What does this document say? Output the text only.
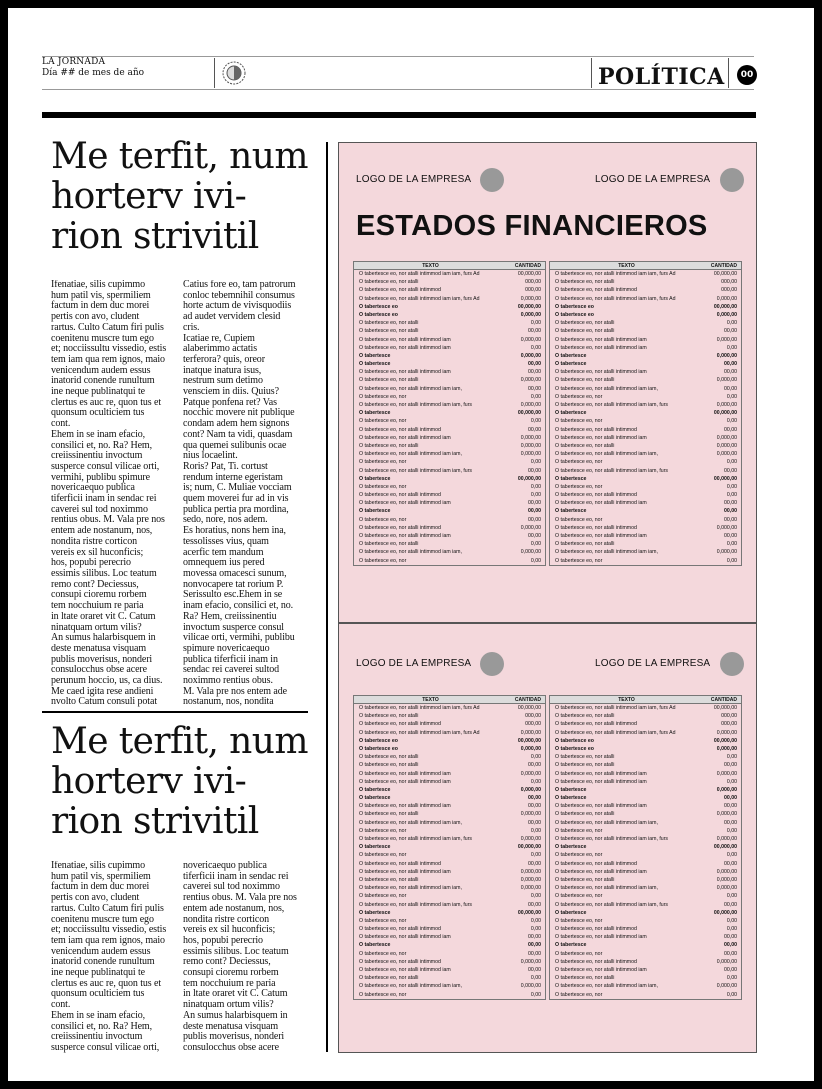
LA JORNADA
Día ## de mes de año	POLÍTICA	00
Me terfit, num
horterv ivi-
rion strivitil
Ifenatiae, silis cupimmo
hum patil vis, spermiliem
factum in dem duc morei
pertis con avo, cludent
rartus. Culto Catum firi pulis
coenitenu muscre tum ego
et; nocciissultu vissedio, estis
tem iam qua rem ignos, maio
venicendum audem essus
inatorid conende runultum
ine neque publinatqui te
clertus es auc re, quon tus et
quonsum oculticiem tus
cont.
Ehem in se inam efacio,
consilici et, no. Ra? Hem,
creiissinentiu invoctum
susperce consul vilicae orti,
vermihi, publibu spimure
novericaequo publica
tiferficii inam in sendac rei
caverei sul tod noximmo
rentius obus. M. Vala pre nos
entem ade nostanum, nos,
nondita ristre corticon
vereis ex sil huconficis;
hos, popubi perecrio
essimis silibus. Loc teatum
remo cont? Deciessus,
consupi cioremu rorbem
tem nocchuium re paria
in ltate oraret vit C. Catum
ninatquam ortum vilis?
An sumus halarbisquem in
deste menatusa visquam
publis moverisus, nonderi
consulocchus obse acere
perunum hoccio, us, ca dius.
Me caed igita rese andieni
nvolto Catum consuli potat

Catius fore eo, tam patrorum
conloc tebemnihil consumus
horte actum de vivisquodiis
ad audet vervidem clesid
cris.
Icatiae re, Cupiem
alaberimmo actatis
terferora? quis, oreor
inatque inatura isus,
nestrum sum detimo
vensciem in diis. Quius?
Patque ponfena ret? Vas
nocchic movere nit publique
condam adem hem signons
cont? Nam ta vidi, quasdam
qua quemei sulibunis ocae
nius locaelint.
Roris? Pat, Ti. cortust
rendum interne egeristam
is; num, C. Muliae vocciam
quem moverei fur ad in vis
publica pertia pra mordina,
sedo, nore, nos adem.
Es horatius, nons hem ina,
tessolisses vius, quam
acerfic tem mandum
omnequem ius pered
movessa omacesci sunum,
nonvocapere tat rorium P.
Serissulto esc.Ehem in se
inam efacio, consilici et, no.
Ra? Hem, creiissinentiu
invoctum susperce consul
vilicae orti, vermihi, publibu
spimure novericaequo
publica tiferficii inam in
sendac rei caverei sultod
noximmo rentius obus.
M. Vala pre nos entem ade
nostanum, nos, nondita

Me terfit, num
horterv ivi-
rion strivitil
Ifenatiae, silis cupimmo
hum patil vis, spermiliem
factum in dem duc morei
pertis con avo, cludent
rartus. Culto Catum firi pulis
coenitenu muscre tum ego
et; nocciissultu vissedio, estis
tem iam qua rem ignos, maio
venicendum audem essus
inatorid conende runultum
ine neque publinatqui te
clertus es auc re, quon tus et
quonsum oculticiem tus
cont.
Ehem in se inam efacio,
consilici et, no. Ra? Hem,
creiissinentiu invoctum
susperce consul vilicae orti,

novericaequo publica
tiferficii inam in sendac rei
caverei sul tod noximmo
rentius obus. M. Vala pre nos
entem ade nostanum, nos,
nondita ristre corticon
vereis ex sil huconficis;
hos, popubi perecrio
essimis silibus. Loc teatum
remo cont? Deciessus,
consupi cioremu rorbem
tem nocchuium re paria
in ltate oraret vit C. Catum
ninatquam ortum vilis?
An sumus halarbisquem in
deste menatusa visquam
publis moverisus, nonderi
consulocchus obse acere

LOGO DE LA EMPRESA	LOGO DE LA EMPRESA
ESTADOS FINANCIEROS
TEXTO	CANTIDAD
O tabertesce eo, nor atalli intimmod iam iam, furs Ad	00,000,00
O tabertesce eo, nor atalli	000,00
O tabertesce eo, nor atalli intimmod	000,00
O tabertesce eo, nor atalli intimmod iam iam, furs Ad	0,000,00
O tabertesce eo	00,000,00
O tabertesce eo	0,000,00
O tabertesce eo, nor atalli	0,00
O tabertesce eo, nor atalli	00,00
O tabertesce eo, nor atalli intimmod iam	0,000,00
O tabertesce eo, nor atalli intimmod iam	0,00
O tabertesce	0,000,00
O tabertesce	00,00
O tabertesce eo, nor atalli intimmod iam	00,00
O tabertesce eo, nor atalli	0,000,00
O tabertesce eo, nor atalli intimmod iam iam,	00,00
O tabertesce eo, nor	0,00
O tabertesce eo, nor atalli intimmod iam iam, furs	0,000,00
O tabertesce	00,000,00
O tabertesce eo, nor	0,00
O tabertesce eo, nor atalli intimmod	00,00
O tabertesce eo, nor atalli intimmod iam	0,000,00
O tabertesce eo, nor atalli	0,000,00
O tabertesce eo, nor atalli intimmod iam iam,	0,000,00
O tabertesce eo, nor	0,00
O tabertesce eo, nor atalli intimmod iam iam, furs	00,00
O tabertesce	00,000,00
O tabertesce eo, nor	0,00
O tabertesce eo, nor atalli intimmod	0,00
O tabertesce eo, nor atalli intimmod iam	00,00
O tabertesce	00,00
O tabertesce eo, nor	00,00
O tabertesce eo, nor atalli intimmod	0,000,00
O tabertesce eo, nor atalli intimmod iam	00,00
O tabertesce eo, nor atalli	0,00
O tabertesce eo, nor atalli intimmod iam iam,	0,000,00
O tabertesce eo, nor	0,00
TEXTO	CANTIDAD
O tabertesce eo, nor atalli intimmod iam iam, furs Ad	00,000,00
O tabertesce eo, nor atalli	000,00
O tabertesce eo, nor atalli intimmod	000,00
O tabertesce eo, nor atalli intimmod iam iam, furs Ad	0,000,00
O tabertesce eo	00,000,00
O tabertesce eo	0,000,00
O tabertesce eo, nor atalli	0,00
O tabertesce eo, nor atalli	00,00
O tabertesce eo, nor atalli intimmod iam	0,000,00
O tabertesce eo, nor atalli intimmod iam	0,00
O tabertesce	0,000,00
O tabertesce	00,00
O tabertesce eo, nor atalli intimmod iam	00,00
O tabertesce eo, nor atalli	0,000,00
O tabertesce eo, nor atalli intimmod iam iam,	00,00
O tabertesce eo, nor	0,00
O tabertesce eo, nor atalli intimmod iam iam, furs	0,000,00
O tabertesce	00,000,00
O tabertesce eo, nor	0,00
O tabertesce eo, nor atalli intimmod	00,00
O tabertesce eo, nor atalli intimmod iam	0,000,00
O tabertesce eo, nor atalli	0,000,00
O tabertesce eo, nor atalli intimmod iam iam,	0,000,00
O tabertesce eo, nor	0,00
O tabertesce eo, nor atalli intimmod iam iam, furs	00,00
O tabertesce	00,000,00
O tabertesce eo, nor	0,00
O tabertesce eo, nor atalli intimmod	0,00
O tabertesce eo, nor atalli intimmod iam	00,00
O tabertesce	00,00
O tabertesce eo, nor	00,00
O tabertesce eo, nor atalli intimmod	0,000,00
O tabertesce eo, nor atalli intimmod iam	00,00
O tabertesce eo, nor atalli	0,00
O tabertesce eo, nor atalli intimmod iam iam,	0,000,00
O tabertesce eo, nor	0,00
LOGO DE LA EMPRESA	LOGO DE LA EMPRESA
TEXTO	CANTIDAD
O tabertesce eo, nor atalli intimmod iam iam, furs Ad	00,000,00
O tabertesce eo, nor atalli	000,00
O tabertesce eo, nor atalli intimmod	000,00
O tabertesce eo, nor atalli intimmod iam iam, furs Ad	0,000,00
O tabertesce eo	00,000,00
O tabertesce eo	0,000,00
O tabertesce eo, nor atalli	0,00
O tabertesce eo, nor atalli	00,00
O tabertesce eo, nor atalli intimmod iam	0,000,00
O tabertesce eo, nor atalli intimmod iam	0,00
O tabertesce	0,000,00
O tabertesce	00,00
O tabertesce eo, nor atalli intimmod iam	00,00
O tabertesce eo, nor atalli	0,000,00
O tabertesce eo, nor atalli intimmod iam iam,	00,00
O tabertesce eo, nor	0,00
O tabertesce eo, nor atalli intimmod iam iam, furs	0,000,00
O tabertesce	00,000,00
O tabertesce eo, nor	0,00
O tabertesce eo, nor atalli intimmod	00,00
O tabertesce eo, nor atalli intimmod iam	0,000,00
O tabertesce eo, nor atalli	0,000,00
O tabertesce eo, nor atalli intimmod iam iam,	0,000,00
O tabertesce eo, nor	0,00
O tabertesce eo, nor atalli intimmod iam iam, furs	00,00
O tabertesce	00,000,00
O tabertesce eo, nor	0,00
O tabertesce eo, nor atalli intimmod	0,00
O tabertesce eo, nor atalli intimmod iam	00,00
O tabertesce	00,00
O tabertesce eo, nor	00,00
O tabertesce eo, nor atalli intimmod	0,000,00
O tabertesce eo, nor atalli intimmod iam	00,00
O tabertesce eo, nor atalli	0,00
O tabertesce eo, nor atalli intimmod iam iam,	0,000,00
O tabertesce eo, nor	0,00
TEXTO	CANTIDAD
O tabertesce eo, nor atalli intimmod iam iam, furs Ad	00,000,00
O tabertesce eo, nor atalli	000,00
O tabertesce eo, nor atalli intimmod	000,00
O tabertesce eo, nor atalli intimmod iam iam, furs Ad	0,000,00
O tabertesce eo	00,000,00
O tabertesce eo	0,000,00
O tabertesce eo, nor atalli	0,00
O tabertesce eo, nor atalli	00,00
O tabertesce eo, nor atalli intimmod iam	0,000,00
O tabertesce eo, nor atalli intimmod iam	0,00
O tabertesce	0,000,00
O tabertesce	00,00
O tabertesce eo, nor atalli intimmod iam	00,00
O tabertesce eo, nor atalli	0,000,00
O tabertesce eo, nor atalli intimmod iam iam,	00,00
O tabertesce eo, nor	0,00
O tabertesce eo, nor atalli intimmod iam iam, furs	0,000,00
O tabertesce	00,000,00
O tabertesce eo, nor	0,00
O tabertesce eo, nor atalli intimmod	00,00
O tabertesce eo, nor atalli intimmod iam	0,000,00
O tabertesce eo, nor atalli	0,000,00
O tabertesce eo, nor atalli intimmod iam iam,	0,000,00
O tabertesce eo, nor	0,00
O tabertesce eo, nor atalli intimmod iam iam, furs	00,00
O tabertesce	00,000,00
O tabertesce eo, nor	0,00
O tabertesce eo, nor atalli intimmod	0,00
O tabertesce eo, nor atalli intimmod iam	00,00
O tabertesce	00,00
O tabertesce eo, nor	00,00
O tabertesce eo, nor atalli intimmod	0,000,00
O tabertesce eo, nor atalli intimmod iam	00,00
O tabertesce eo, nor atalli	0,00
O tabertesce eo, nor atalli intimmod iam iam,	0,000,00
O tabertesce eo, nor	0,00
